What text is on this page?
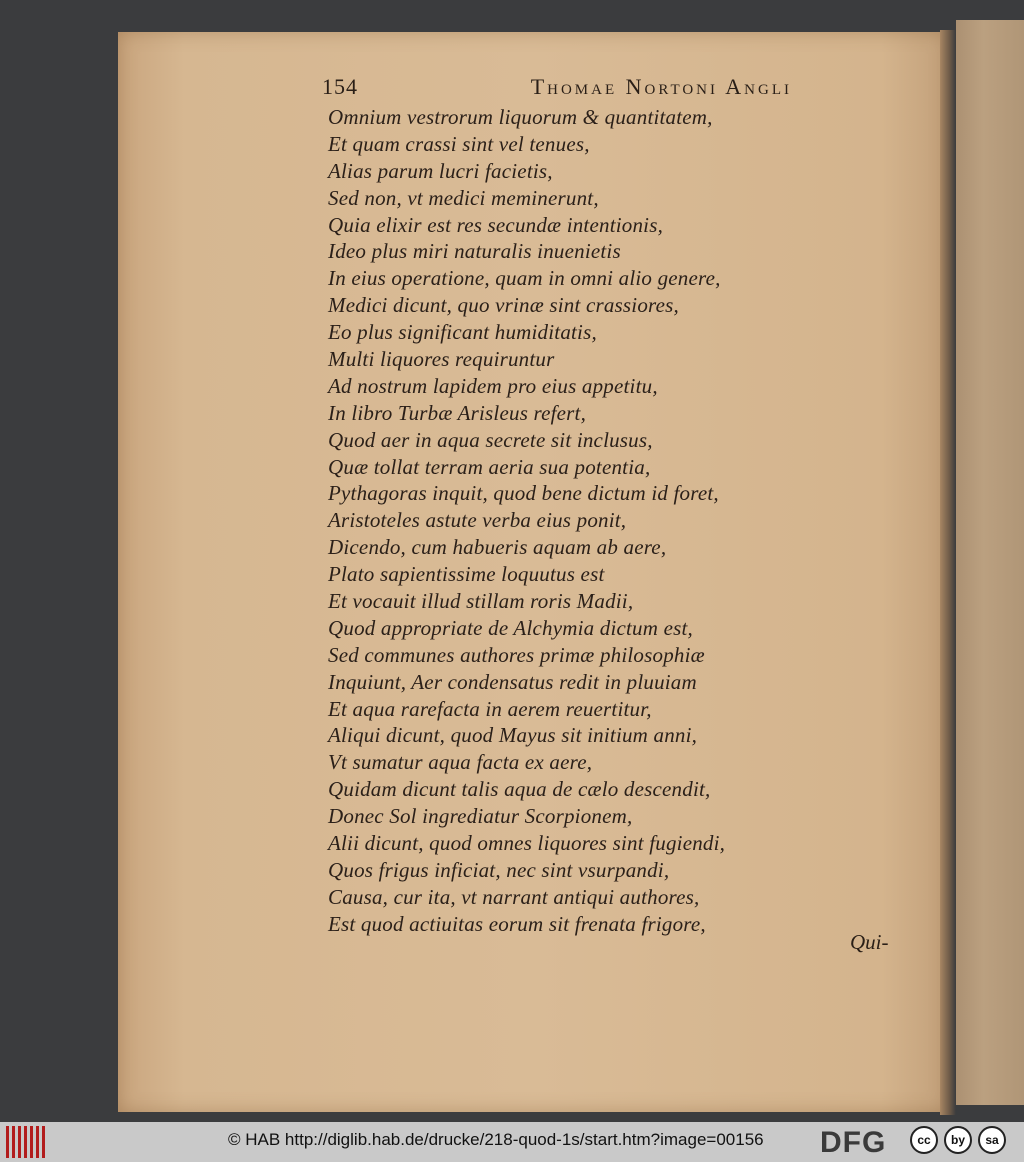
154	Thomae Nortoni Angli
Omnium vestrorum liquorum & quantitatem,
Et quam crassi sint vel tenues,
Alias parum lucri facietis,
Sed non, vt medici meminerunt,
Quia elixir est res secundæ intentionis,
Ideo plus miri naturalis inuenietis
In eius operatione, quam in omni alio genere,
Medici dicunt, quo vrinæ sint crassiores,
Eo plus significant humiditatis,
Multi liquores requiruntur
Ad nostrum lapidem pro eius appetitu,
In libro Turbæ Arisleus refert,
Quod aer in aqua secrete sit inclusus,
Quæ tollat terram aeria sua potentia,
Pythagoras inquit, quod bene dictum id foret,
Aristoteles astute verba eius ponit,
Dicendo, cum habueris aquam ab aere,
Plato sapientissime loquutus est
Et vocauit illud stillam roris Madii,
Quod appropriate de Alchymia dictum est,
Sed communes authores primæ philosophiæ
Inquiunt, Aer condensatus redit in pluuiam
Et aqua rarefacta in aerem reuertitur,
Aliqui dicunt, quod Mayus sit initium anni,
Vt sumatur aqua facta ex aere,
Quidam dicunt talis aqua de cælo descendit,
Donec Sol ingrediatur Scorpionem,
Alii dicunt, quod omnes liquores sint fugiendi,
Quos frigus inficiat, nec sint vsurpandi,
Causa, cur ita, vt narrant antiqui authores,
Est quod actiuitas eorum sit frenata frigore,
Qui-
© HAB http://diglib.hab.de/drucke/218-quod-1s/start.htm?image=00156 DFG	cc	by	sa
